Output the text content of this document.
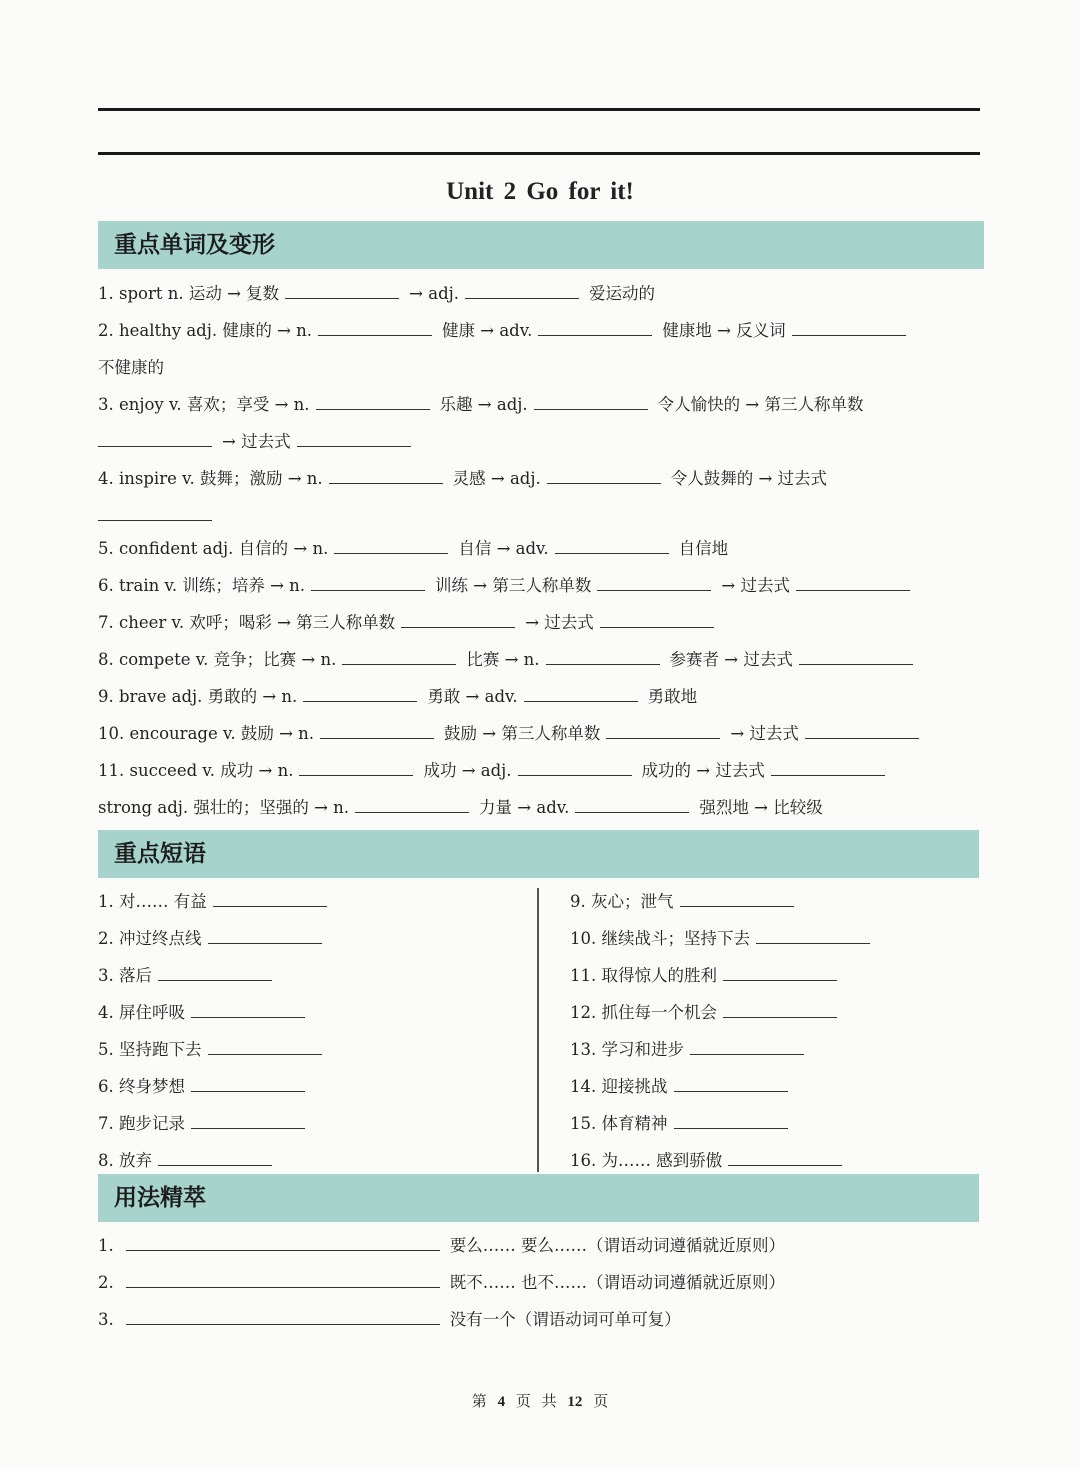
Unit 2 Go for it!
重点单词及变形
1. sport n. 运动 → 复数	→ adj.	爱运动的
2. healthy adj. 健康的 → n.	健康 → adv.	健康地 → 反义词
不健康的
3. enjoy v. 喜欢；享受 → n.	乐趣 → adj.	令人愉快的 → 第三人称单数
→ 过去式
4. inspire v. 鼓舞；激励 → n.	灵感 → adj.	令人鼓舞的 → 过去式
5. confident adj. 自信的 → n.	自信 → adv.	自信地
6. train v. 训练；培养 → n.	训练 → 第三人称单数	→ 过去式
7. cheer v. 欢呼；喝彩 → 第三人称单数	→ 过去式
8. compete v. 竞争；比赛 → n.	比赛 → n.	参赛者 → 过去式
9. brave adj. 勇敢的 → n.	勇敢 → adv.	勇敢地
10. encourage v. 鼓励 → n.	鼓励 → 第三人称单数	→ 过去式
11. succeed v. 成功 → n.	成功 → adj.	成功的 → 过去式
strong adj. 强壮的；坚强的 → n.	力量 → adv.	强烈地 → 比较级
重点短语
1. 对…… 有益
2. 冲过终点线
3. 落后
4. 屏住呼吸
5. 坚持跑下去
6. 终身梦想
7. 跑步记录
8. 放弃
9. 灰心；泄气
10. 继续战斗；坚持下去
11. 取得惊人的胜利
12. 抓住每一个机会
13. 学习和进步
14. 迎接挑战
15. 体育精神
16. 为…… 感到骄傲
用法精萃
1.	要么…… 要么……（谓语动词遵循就近原则）
2.	既不…… 也不……（谓语动词遵循就近原则）
3.	没有一个（谓语动词可单可复）
第 4 页 共 12 页
